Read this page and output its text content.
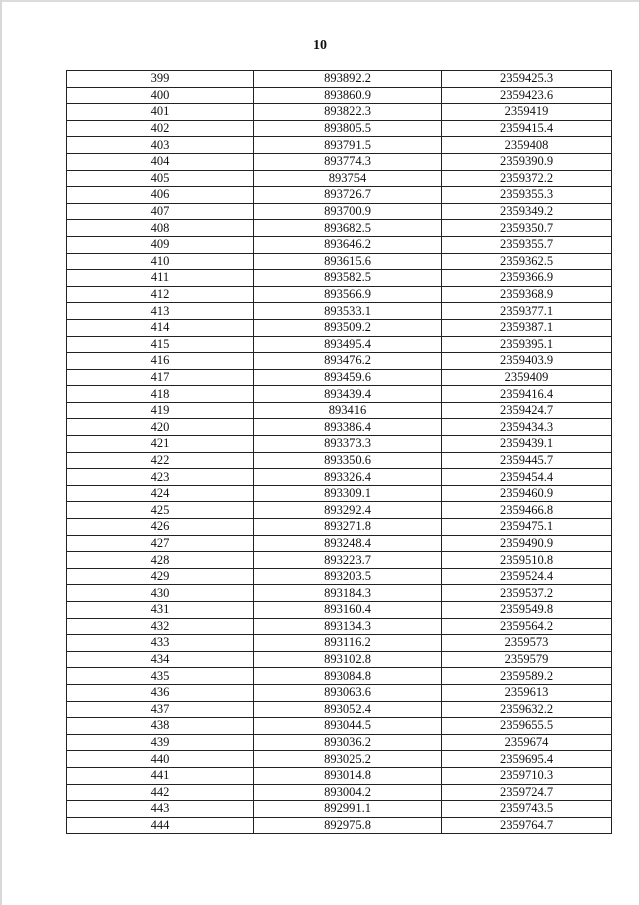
10
399	893892.2	2359425.3
400	893860.9	2359423.6
401	893822.3	2359419
402	893805.5	2359415.4
403	893791.5	2359408
404	893774.3	2359390.9
405	893754	2359372.2
406	893726.7	2359355.3
407	893700.9	2359349.2
408	893682.5	2359350.7
409	893646.2	2359355.7
410	893615.6	2359362.5
411	893582.5	2359366.9
412	893566.9	2359368.9
413	893533.1	2359377.1
414	893509.2	2359387.1
415	893495.4	2359395.1
416	893476.2	2359403.9
417	893459.6	2359409
418	893439.4	2359416.4
419	893416	2359424.7
420	893386.4	2359434.3
421	893373.3	2359439.1
422	893350.6	2359445.7
423	893326.4	2359454.4
424	893309.1	2359460.9
425	893292.4	2359466.8
426	893271.8	2359475.1
427	893248.4	2359490.9
428	893223.7	2359510.8
429	893203.5	2359524.4
430	893184.3	2359537.2
431	893160.4	2359549.8
432	893134.3	2359564.2
433	893116.2	2359573
434	893102.8	2359579
435	893084.8	2359589.2
436	893063.6	2359613
437	893052.4	2359632.2
438	893044.5	2359655.5
439	893036.2	2359674
440	893025.2	2359695.4
441	893014.8	2359710.3
442	893004.2	2359724.7
443	892991.1	2359743.5
444	892975.8	2359764.7
